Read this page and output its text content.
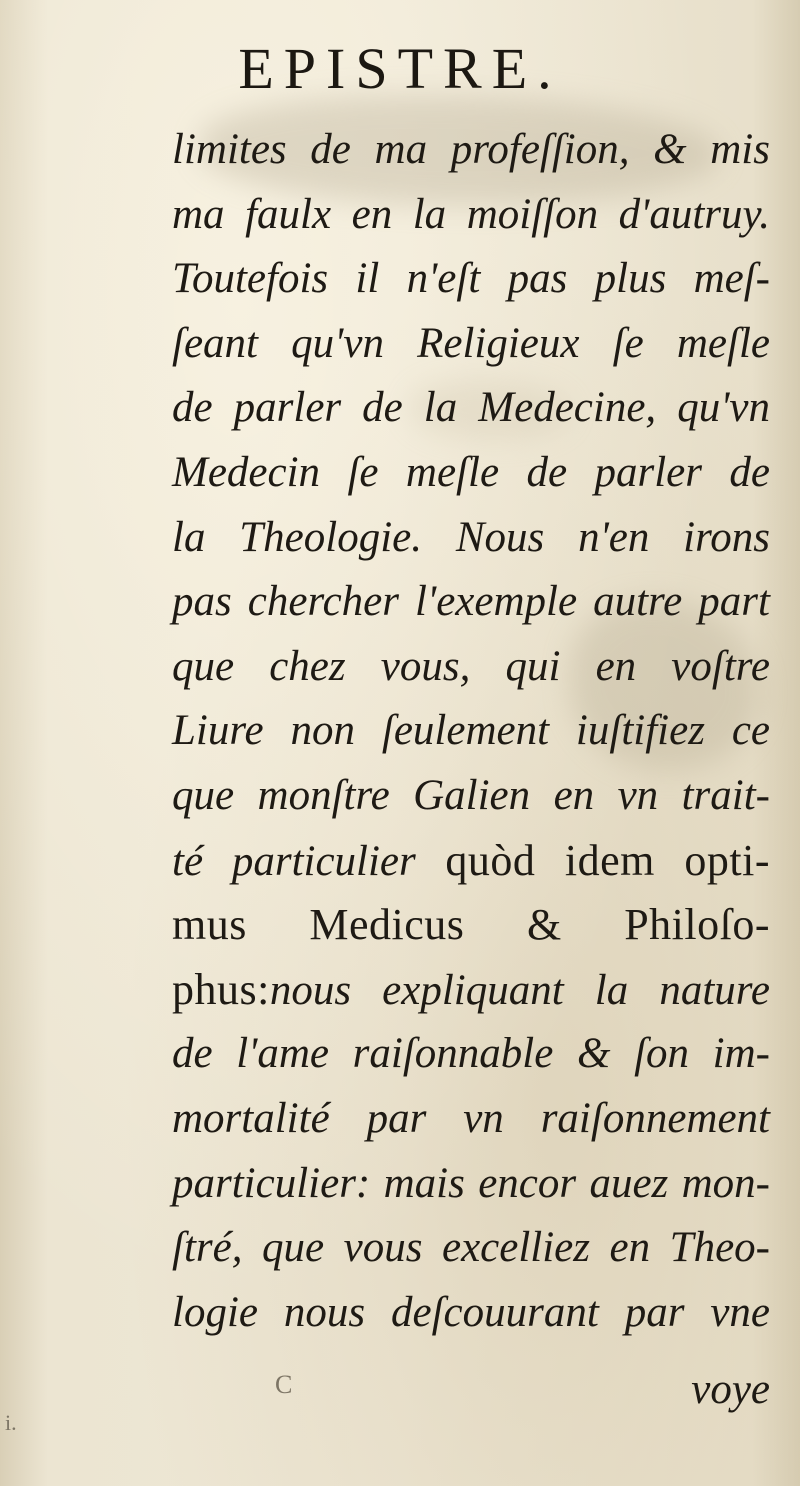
EPISTRE.
limites de ma profeſſion, & mis
ma faulx en la moiſſon d'autruy.
Toutefois il n'eſt pas plus meſ-
ſeant qu'vn Religieux ſe meſle
de parler de la Medecine, qu'vn
Medecin ſe meſle de parler de
la Theologie. Nous n'en irons
pas chercher l'exemple autre part
que chez vous, qui en voſtre
Liure non ſeulement iuſtifiez ce
que monſtre Galien en vn trait-
té particulier quòd idem opti-
mus Medicus & Philoſo-
phus:nous expliquant la nature
de l'ame raiſonnable & ſon im-
mortalité par vn raiſonnement
particulier: mais encor auez mon-
ſtré, que vous excelliez en Theo-
logie nous deſcouurant par vne
voye
C
i.
